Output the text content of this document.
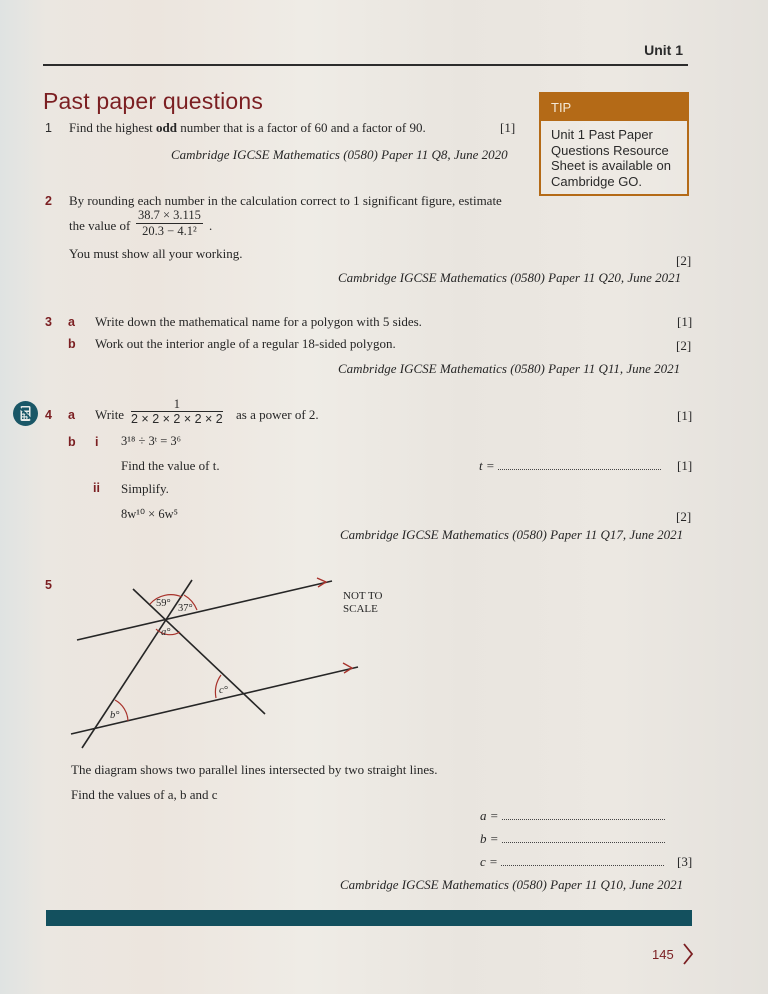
Unit 1
Past paper questions	TIP
Unit 1 Past Paper
Questions Resource
Sheet is available on
Cambridge GO.
1 Find the highest odd number that is a factor of 60 and a factor of 90.	[1]
Cambridge IGCSE Mathematics (0580) Paper 11 Q8, June 2020
2 By rounding each number in the calculation correct to 1 significant figure, estimate
the value of $\frac{38.7 \times 3.115}{\text{20.3 − 4.1²}}$ .
You must show all your working.	[2]
Cambridge IGCSE Mathematics (0580) Paper 11 Q20, June 2021
3 a Write down the mathematical name for a polygon with 5 sides.	[1]
b Work out the interior angle of a regular 18-sided polygon.	[2]
Cambridge IGCSE Mathematics (0580) Paper 11 Q11, June 2021
4 a Write $\frac{1}{2 \times 2 \times 2 \times 2 \times 2}$ as a power of 2.	[1]
b i 3¹⁸ ÷ 3ᵗ = 3⁶
Find the value of t.	t =	[1]
ii Simplify.
8w¹⁰ × 6w⁵	[2]
Cambridge IGCSE Mathematics (0580) Paper 11 Q17, June 2021
5
59° 37°
a°
b°
c°
NOT TO
SCALE
The diagram shows two parallel lines intersected by two straight lines.
Find the values of a, b and c
a =
b =
c =	[3]
Cambridge IGCSE Mathematics (0580) Paper 11 Q10, June 2021
145
